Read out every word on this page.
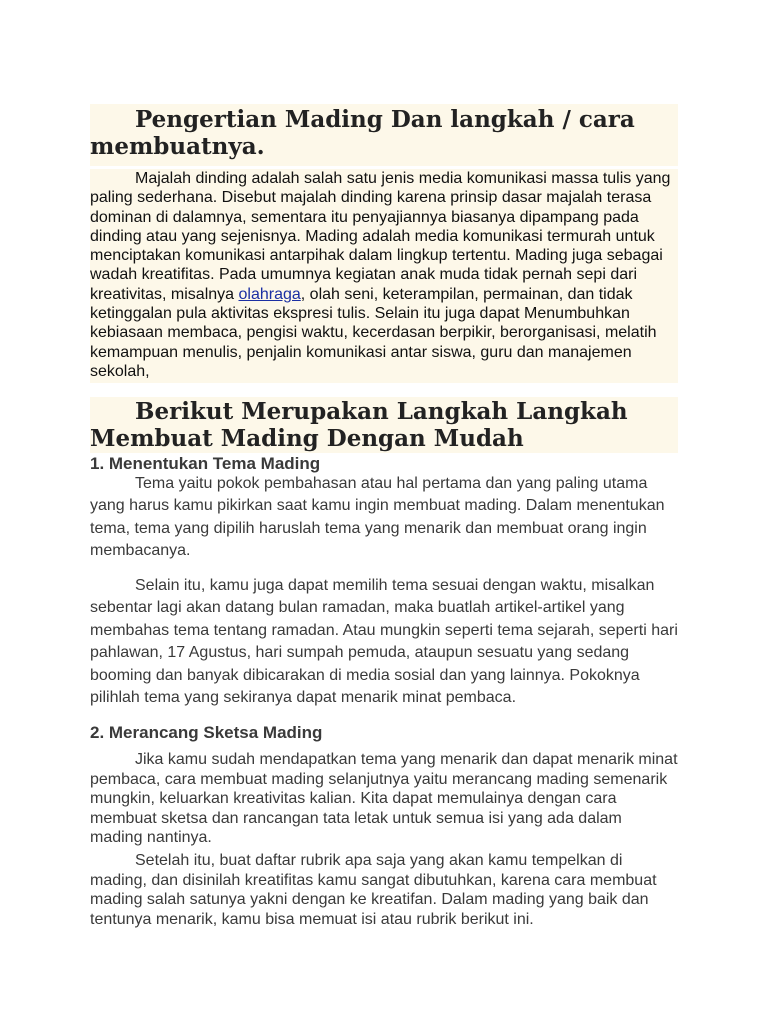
Pengertian Mading Dan langkah / cara membuatnya.

Majalah dinding adalah salah satu jenis media komunikasi massa tulis yang paling sederhana. Disebut majalah dinding karena prinsip dasar majalah terasa dominan di dalamnya, sementara itu penyajiannya biasanya dipampang pada dinding atau yang sejenisnya. Mading adalah media komunikasi termurah untuk menciptakan komunikasi antarpihak dalam lingkup tertentu. Mading juga sebagai wadah kreatifitas. Pada umumnya kegiatan anak muda tidak pernah sepi dari kreativitas, misalnya olahraga, olah seni, keterampilan, permainan, dan tidak ketinggalan pula aktivitas ekspresi tulis. Selain itu juga dapat Menumbuhkan kebiasaan membaca, pengisi waktu, kecerdasan berpikir, berorganisasi, melatih kemampuan menulis, penjalin komunikasi antar siswa, guru dan manajemen sekolah,

Berikut Merupakan Langkah Langkah Membuat Mading Dengan Mudah
1. Menentukan Tema Mading

Tema yaitu pokok pembahasan atau hal pertama dan yang paling utama yang harus kamu pikirkan saat kamu ingin membuat mading. Dalam menentukan tema, tema yang dipilih haruslah tema yang menarik dan membuat orang ingin membacanya.

Selain itu, kamu juga dapat memilih tema sesuai dengan waktu, misalkan sebentar lagi akan datang bulan ramadan, maka buatlah artikel-artikel yang membahas tema tentang ramadan. Atau mungkin seperti tema sejarah, seperti hari pahlawan, 17 Agustus, hari sumpah pemuda, ataupun sesuatu yang sedang booming dan banyak dibicarakan di media sosial dan yang lainnya. Pokoknya pilihlah tema yang sekiranya dapat menarik minat pembaca.

2. Merancang Sketsa Mading

Jika kamu sudah mendapatkan tema yang menarik dan dapat menarik minat pembaca, cara membuat mading selanjutnya yaitu merancang mading semenarik mungkin, keluarkan kreativitas kalian. Kita dapat memulainya dengan cara membuat sketsa dan rancangan tata letak untuk semua isi yang ada dalam mading nantinya.

Setelah itu, buat daftar rubrik apa saja yang akan kamu tempelkan di mading, dan disinilah kreatifitas kamu sangat dibutuhkan, karena cara membuat mading salah satunya yakni dengan ke kreatifan. Dalam mading yang baik dan tentunya menarik, kamu bisa memuat isi atau rubrik berikut ini.
